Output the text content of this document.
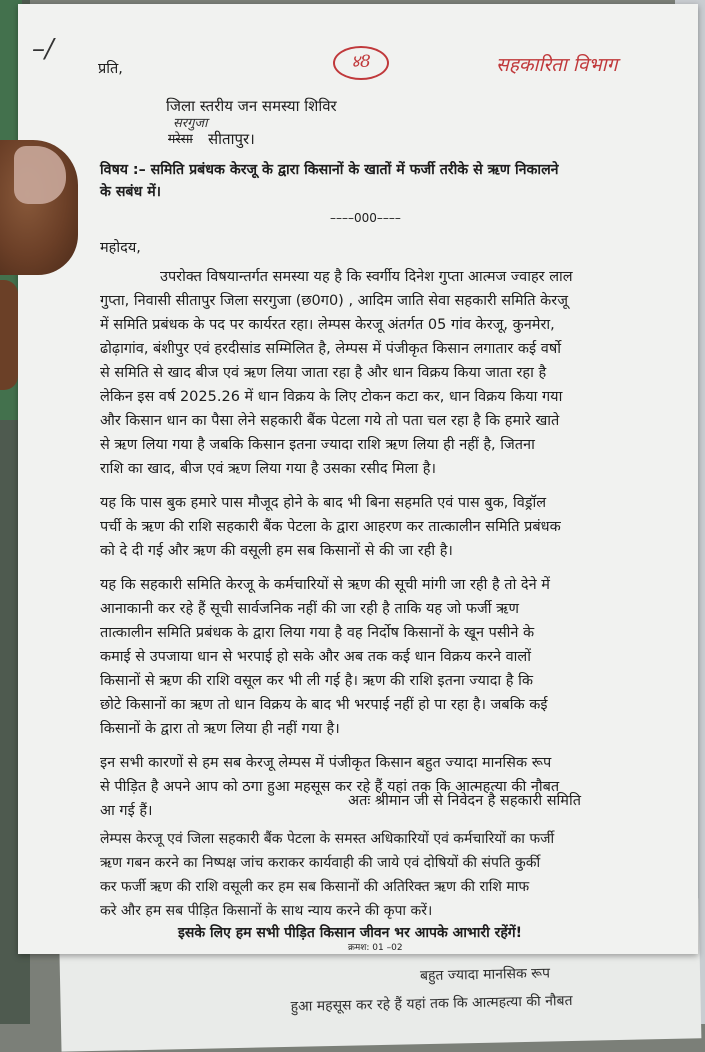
बहुत ज्यादा मानसिक रूप
हुआ महसूस कर रहे हैं यहां तक कि आत्महत्या की नौबत
–/
प्रति,	४8	सहकारिता विभाग
जिला स्तरीय जन समस्या शिविर
सरगुजा
गरेसा सीतापुर।
विषय :– समिति प्रबंधक केरजू के द्वारा किसानों के खातों में फर्जी तरीके से ऋण निकालने
के सबंध में।
––––000––––
महोदय,
उपरोक्त विषयान्तर्गत समस्या यह है कि स्वर्गीय दिनेश गुप्ता आत्मज ज्वाहर लाल
गुप्ता, निवासी सीतापुर जिला सरगुजा (छ0ग0) , आदिम जाति सेवा सहकारी समिति केरजू
में समिति प्रबंधक के पद पर कार्यरत रहा। लेम्पस केरजू अंतर्गत 05 गांव केरजू, कुनमेरा,
ढोढ़ागांव, बंशीपुर एवं हरदीसांड सम्मिलित है, लेम्पस में पंजीकृत किसान लगातार कई वर्षो
से समिति से खाद बीज एवं ऋण लिया जाता रहा है और धान विक्रय किया जाता रहा है
लेकिन इस वर्ष 2025.26 में धान विक्रय के लिए टोकन कटा कर, धान विक्रय किया गया
और किसान धान का पैसा लेने सहकारी बैंक पेटला गये तो पता चल रहा है कि हमारे खाते
से ऋण लिया गया है जबकि किसान इतना ज्यादा राशि ऋण लिया ही नहीं है, जितना
राशि का खाद, बीज एवं ऋण लिया गया है उसका रसीद मिला है।
यह कि पास बुक हमारे पास मौजूद होने के बाद भी बिना सहमति एवं पास बुक, विड्रॉल
पर्ची के ऋण की राशि सहकारी बैंक पेटला के द्वारा आहरण कर तात्कालीन समिति प्रबंधक
को दे दी गई और ऋण की वसूली हम सब किसानों से की जा रही है।
यह कि सहकारी समिति केरजू के कर्मचारियों से ऋण की सूची मांगी जा रही है तो देने में
आनाकानी कर रहे हैं सूची सार्वजनिक नहीं की जा रही है ताकि यह जो फर्जी ऋण
तात्कालीन समिति प्रबंधक के द्वारा लिया गया है वह निर्दोष किसानों के खून पसीने के
कमाई से उपजाया धान से भरपाई हो सके और अब तक कई धान विक्रय करने वालों
किसानों से ऋण की राशि वसूल कर भी ली गई है। ऋण की राशि इतना ज्यादा है कि
छोटे किसानों का ऋण तो धान विक्रय के बाद भी भरपाई नहीं हो पा रहा है। जबकि कई
किसानों के द्वारा तो ऋण लिया ही नहीं गया है।
इन सभी कारणों से हम सब केरजू लेम्पस में पंजीकृत किसान बहुत ज्यादा मानसिक रूप
से पीड़ित है अपने आप को ठगा हुआ महसूस कर रहे हैं यहां तक कि आत्महत्या की नौबत
आ गई हैं।
अतः श्रीमान जी से निवेदन है सहकारी समिति
लेम्पस केरजू एवं जिला सहकारी बैंक पेटला के समस्त अधिकारियों एवं कर्मचारियों का फर्जी
ऋण गबन करने का निष्पक्ष जांच कराकर कार्यवाही की जाये एवं दोषियों की संपति कुर्की
कर फर्जी ऋण की राशि वसूली कर हम सब किसानों की अतिरिक्त ऋण की राशि माफ
करे और हम सब पीड़ित किसानों के साथ न्याय करने की कृपा करें।
इसके लिए हम सभी पीड़ित किसान जीवन भर आपके आभारी रहेंगें!
क्रमश: 01 –02
